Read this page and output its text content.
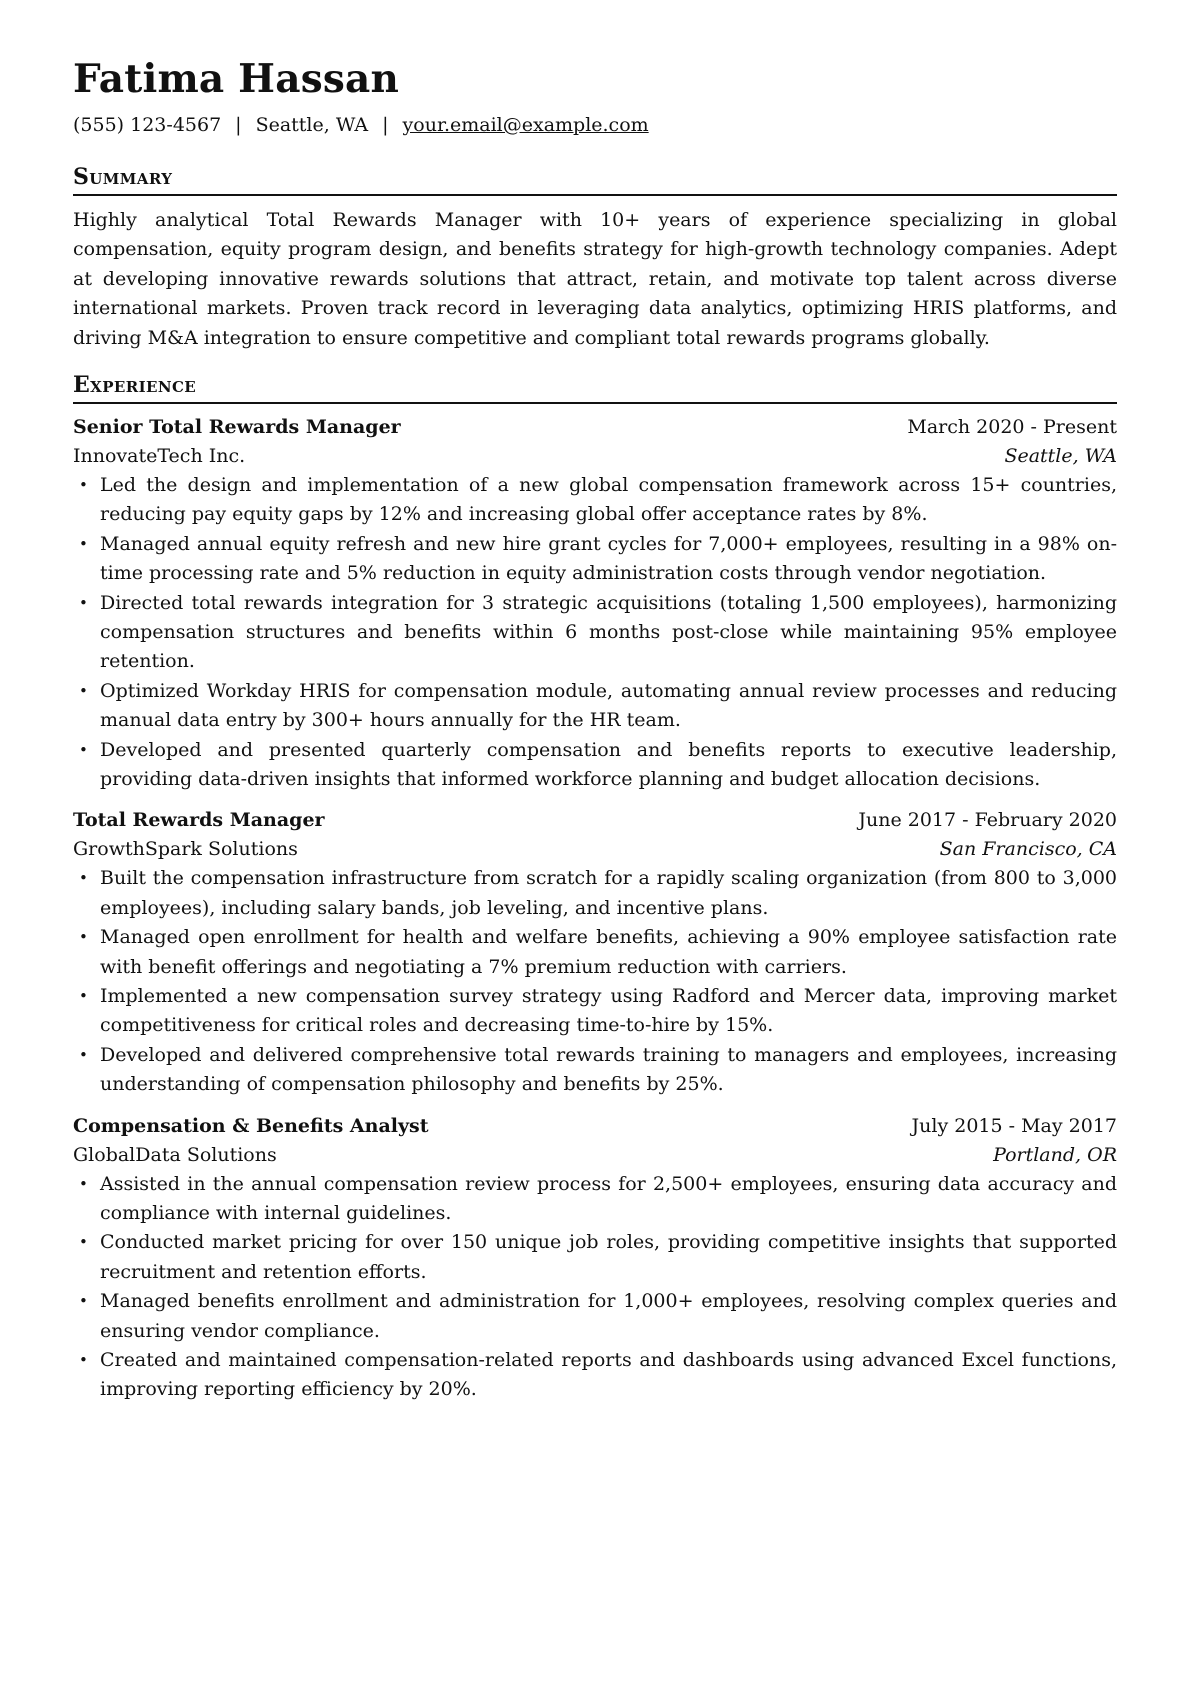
Fatima Hassan
(555) 123-4567 | Seattle, WA | your.email@example.com
Summary

Highly analytical Total Rewards Manager with 10+ years of experience specializing in global compensation, equity program design, and benefits strategy for high-growth technology companies. Adept at developing innovative rewards solutions that attract, retain, and motivate top talent across diverse international markets. Proven track record in leveraging data analytics, optimizing HRIS platforms, and driving M&A integration to ensure competitive and compliant total rewards programs globally.

Experience
Senior Total Rewards Manager	March 2020 - Present
InnovateTech Inc.	Seattle, WA
• Led the design and implementation of a new global compensation framework across 15+ countries, reducing pay equity gaps by 12% and increasing global offer acceptance rates by 8%.
• Managed annual equity refresh and new hire grant cycles for 7,000+ employees, resulting in a 98% on-time processing rate and 5% reduction in equity administration costs through vendor negotiation.
• Directed total rewards integration for 3 strategic acquisitions (totaling 1,500 employees), harmonizing compensation structures and benefits within 6 months post-close while maintaining 95% employee retention.
• Optimized Workday HRIS for compensation module, automating annual review processes and reducing manual data entry by 300+ hours annually for the HR team.
• Developed and presented quarterly compensation and benefits reports to executive leadership, providing data-driven insights that informed workforce planning and budget allocation decisions.
Total Rewards Manager	June 2017 - February 2020
GrowthSpark Solutions	San Francisco, CA
• Built the compensation infrastructure from scratch for a rapidly scaling organization (from 800 to 3,000 employees), including salary bands, job leveling, and incentive plans.
• Managed open enrollment for health and welfare benefits, achieving a 90% employee satisfaction rate with benefit offerings and negotiating a 7% premium reduction with carriers.
• Implemented a new compensation survey strategy using Radford and Mercer data, improving market competitiveness for critical roles and decreasing time-to-hire by 15%.
• Developed and delivered comprehensive total rewards training to managers and employees, increasing understanding of compensation philosophy and benefits by 25%.
Compensation & Benefits Analyst	July 2015 - May 2017
GlobalData Solutions	Portland, OR
• Assisted in the annual compensation review process for 2,500+ employees, ensuring data accuracy and compliance with internal guidelines.
• Conducted market pricing for over 150 unique job roles, providing competitive insights that supported recruitment and retention efforts.
• Managed benefits enrollment and administration for 1,000+ employees, resolving complex queries and ensuring vendor compliance.
• Created and maintained compensation-related reports and dashboards using advanced Excel functions, improving reporting efficiency by 20%.
